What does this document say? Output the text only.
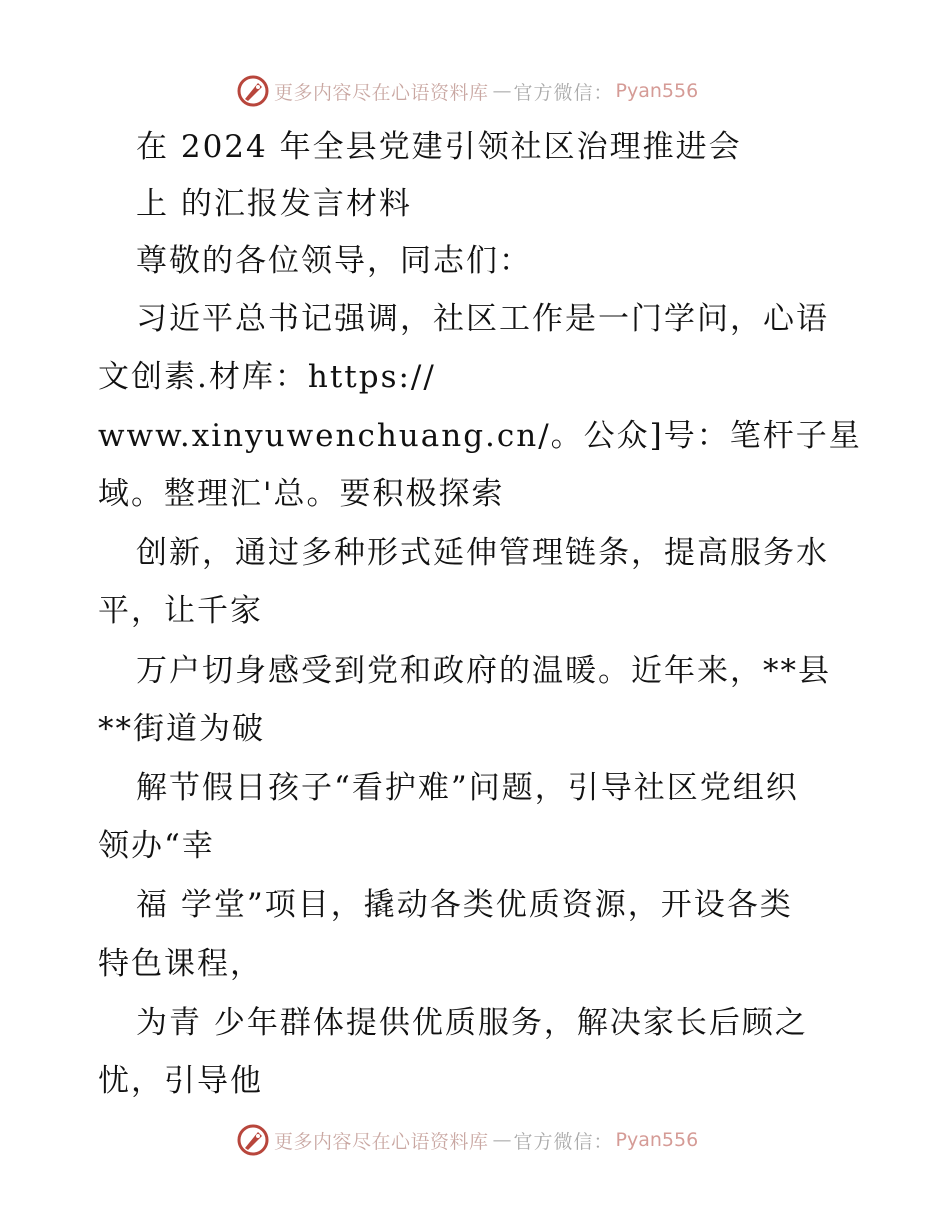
更多内容尽在心语资料库 — 官方微信： Pyan556
在 2024 年全县党建引领社区治理推进会
上 的汇报发言材料
尊敬的各位领导，同志们：
习近平总书记强调，社区工作是一门学问，心语
文创素.材库：https://
www.xinyuwenchuang.cn/。公众]号：笔杆子星
域。整理汇'总。要积极探索
创新，通过多种形式延伸管理链条，提高服务水
平，让千家
万户切身感受到党和政府的温暖。近年来，**县
**街道为破
解节假日孩子“看护难”问题，引导社区党组织
领办“幸
福 学堂”项目，撬动各类优质资源，开设各类
特色课程，
为青 少年群体提供优质服务，解决家长后顾之
忧，引导他
更多内容尽在心语资料库 — 官方微信： Pyan556
